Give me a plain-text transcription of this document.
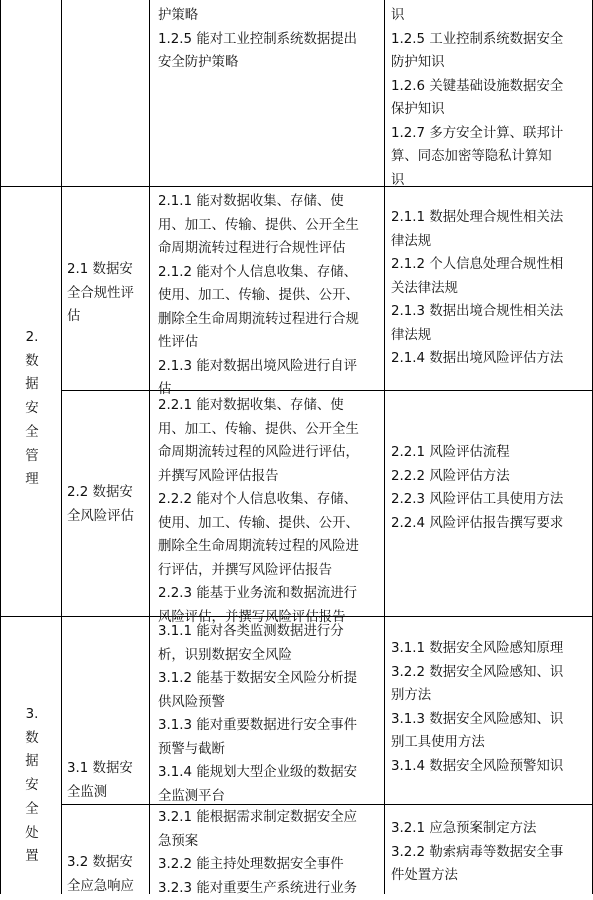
护策略
1.2.5 能对工业控制系统数据提出
安全防护策略
识
1.2.5 工业控制系统数据安全
防护知识
1.2.6 关键基础设施数据安全
保护知识
1.2.7 多方安全计算、联邦计
算、同态加密等隐私计算知
识
2.
数
据
安
全
管
理
2.1 数据安
全合规性评
估
2.1.1 能对数据收集、存储、使
用、加工、传输、提供、公开全生
命周期流转过程进行合规性评估
2.1.2 能对个人信息收集、存储、
使用、加工、传输、提供、公开、
删除全生命周期流转过程进行合规
性评估
2.1.3 能对数据出境风险进行自评
估
2.1.1 数据处理合规性相关法
律法规
2.1.2 个人信息处理合规性相
关法律法规
2.1.3 数据出境合规性相关法
律法规
2.1.4 数据出境风险评估方法
2.2 数据安
全风险评估
2.2.1 能对数据收集、存储、使
用、加工、传输、提供、公开全生
命周期流转过程的风险进行评估，
并撰写风险评估报告
2.2.2 能对个人信息收集、存储、
使用、加工、传输、提供、公开、
删除全生命周期流转过程的风险进
行评估，并撰写风险评估报告
2.2.3 能基于业务流和数据流进行
风险评估，并撰写风险评估报告
2.2.1 风险评估流程
2.2.2 风险评估方法
2.2.3 风险评估工具使用方法
2.2.4 风险评估报告撰写要求
3.
数
据
安
全
处
置
3.1 数据安
全监测
3.1.1 能对各类监测数据进行分
析，识别数据安全风险
3.1.2 能基于数据安全风险分析提
供风险预警
3.1.3 能对重要数据进行安全事件
预警与截断
3.1.4 能规划大型企业级的数据安
全监测平台
3.1.1 数据安全风险感知原理
3.2.2 数据安全风险感知、识
别方法
3.1.3 数据安全风险感知、识
别工具使用方法
3.1.4 数据安全风险预警知识
3.2 数据安
全应急响应
3.2.1 能根据需求制定数据安全应
急预案
3.2.2 能主持处理数据安全事件
3.2.3 能对重要生产系统进行业务
3.2.1 应急预案制定方法
3.2.2 勒索病毒等数据安全事
件处置方法
